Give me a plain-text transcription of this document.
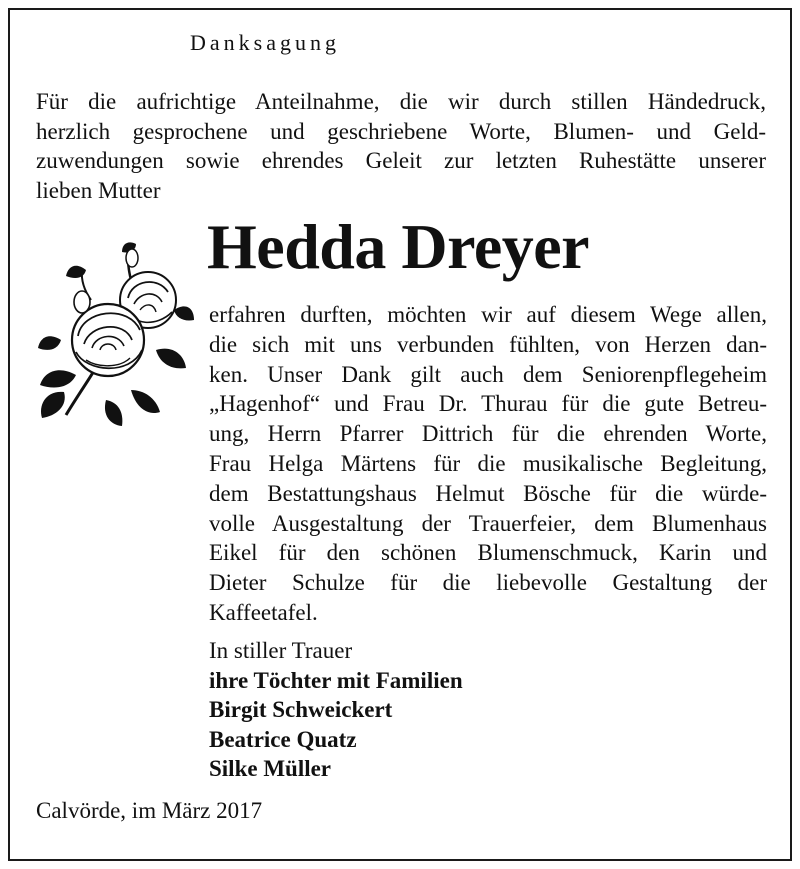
Danksagung
Für die aufrichtige Anteilnahme, die wir durch stillen Händedruck,
herzlich gesprochene und geschriebene Worte, Blumen- und Geld-
zuwendungen sowie ehrendes Geleit zur letzten Ruhestätte unserer
lieben Mutter
Hedda Dreyer
erfahren durften, möchten wir auf diesem Wege allen,
die sich mit uns verbunden fühlten, von Herzen dan-
ken. Unser Dank gilt auch dem Seniorenpflegeheim
„Hagenhof“ und Frau Dr. Thurau für die gute Betreu-
ung, Herrn Pfarrer Dittrich für die ehrenden Worte,
Frau Helga Märtens für die musikalische Begleitung,
dem Bestattungshaus Helmut Bösche für die würde-
volle Ausgestaltung der Trauerfeier, dem Blumenhaus
Eikel für den schönen Blumenschmuck, Karin und
Dieter Schulze für die liebevolle Gestaltung der
Kaffeetafel.
In stiller Trauer
ihre Töchter mit Familien
Birgit Schweickert
Beatrice Quatz
Silke Müller
Calvörde, im März 2017
